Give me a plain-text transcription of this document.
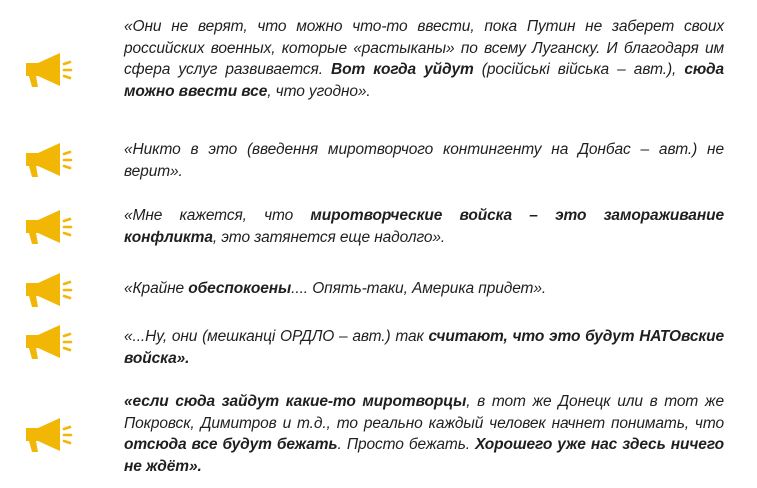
«Они не верят, что можно что-то ввести, пока Путин не заберет своих российских военных, которые «растыканы» по всему Луганску. И благодаря им сфера услуг развивается. Вот когда уйдут (російські війська – авт.), сюда можно ввести все, что угодно».
«Никто в это (введення миротворчого контингенту на Донбас – авт.) не верит».
«Мне кажется, что миротворческие войска – это замораживание конфликта, это затянется еще надолго».
«Крайне обеспокоены.... Опять-таки, Америка придет».
«...Ну, они (мешканці ОРДЛО – авт.) так считают, что это будут НАТОвские войска».
«если сюда зайдут какие-то миротворцы, в тот же Донецк или в тот же Покровск, Димитров и т.д., то реально каждый человек начнет понимать, что отсюда все будут бежать. Просто бежать. Хорошего уже нас здесь ничего не ждёт».
